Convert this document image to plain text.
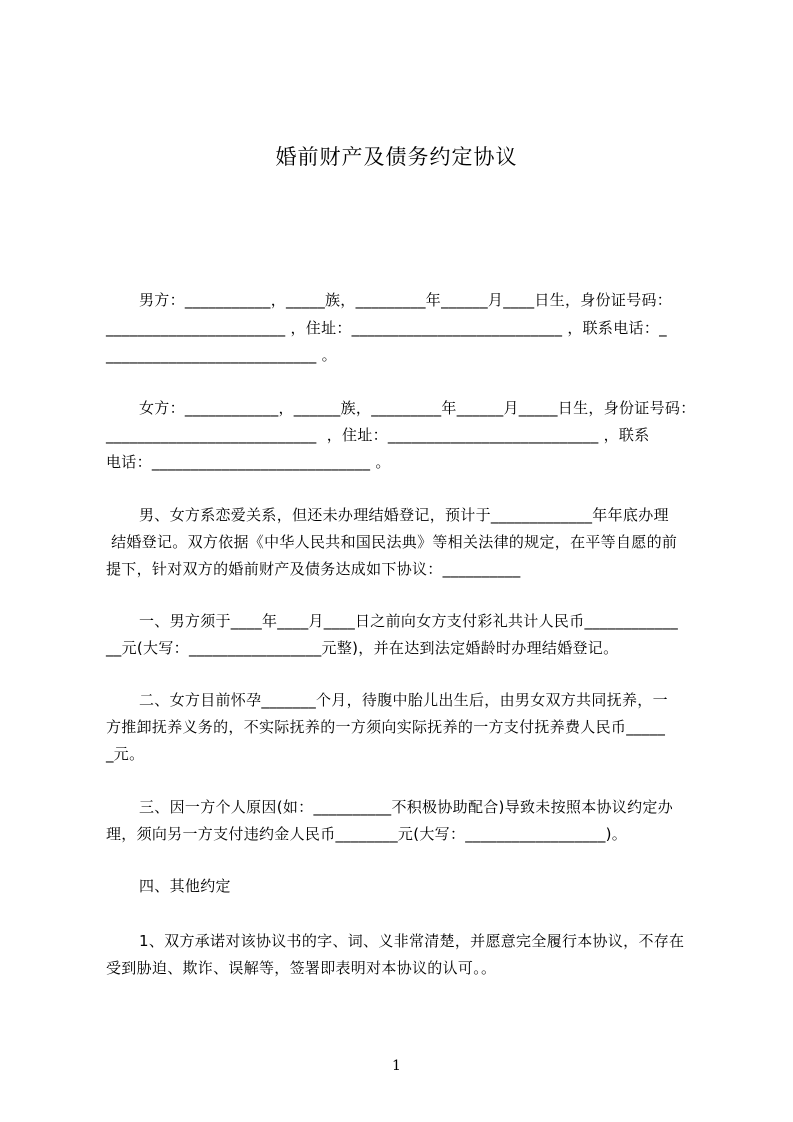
婚前财产及债务约定协议
男方：___________，_____族，_________年______月____日生，身份证号码：
_______________________ ，住址：___________________________ ，联系电话：_
___________________________ 。
女方：____________，______族，_________年______月_____日生，身份证号码：
___________________________  ，住址：___________________________ ，联系
电话：____________________________ 。
男、女方系恋爱关系，但还未办理结婚登记，预计于_____________年年底办理
结婚登记。双方依据《中华人民共和国民法典》等相关法律的规定，在平等自愿的前
提下，针对双方的婚前财产及债务达成如下协议：__________
一、男方须于____年____月____日之前向女方支付彩礼共计人民币____________
__元(大写：_________________元整)，并在达到法定婚龄时办理结婚登记。
二、女方目前怀孕_______个月，待腹中胎儿出生后，由男女双方共同抚养，一
方推卸抚养义务的，不实际抚养的一方须向实际抚养的一方支付抚养费人民币_____
_元。
三、因一方个人原因(如：__________不积极协助配合)导致未按照本协议约定办
理，须向另一方支付违约金人民币________元(大写：__________________)。
四、其他约定
1、双方承诺对该协议书的字、词、义非常清楚，并愿意完全履行本协议，不存在
受到胁迫、欺诈、误解等，签署即表明对本协议的认可。。
1
